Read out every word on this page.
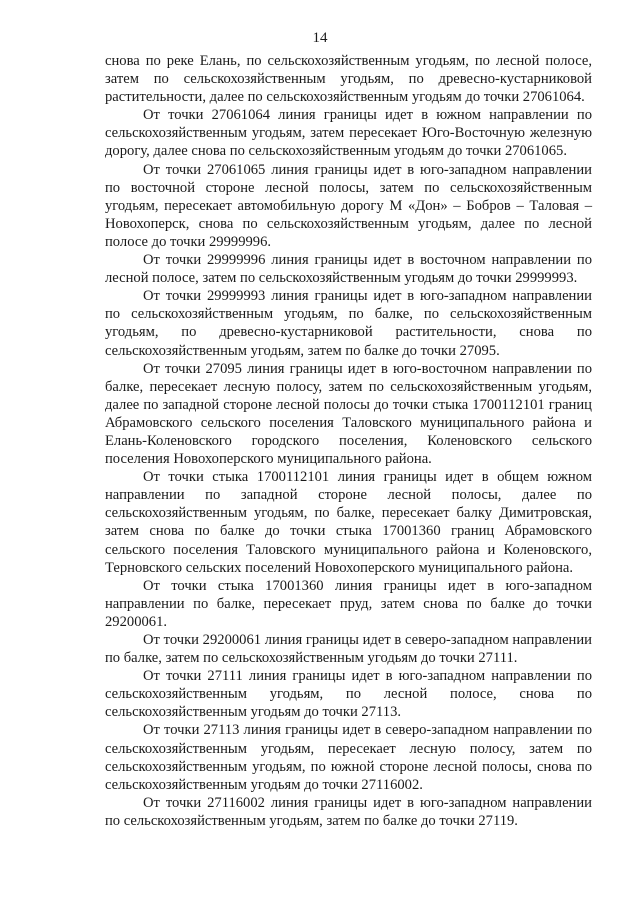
14

снова по реке Елань, по сельскохозяйственным угодьям, по лесной полосе, затем по сельскохозяйственным угодьям, по древесно-кустарниковой растительности, далее по сельскохозяйственным угодьям до точки 27061064.

От точки 27061064 линия границы идет в южном направлении по сельскохозяйственным угодьям, затем пересекает Юго-Восточную железную дорогу, далее снова по сельскохозяйственным угодьям до точки 27061065.

От точки 27061065 линия границы идет в юго-западном направлении по восточной стороне лесной полосы, затем по сельскохозяйственным угодьям, пересекает автомобильную дорогу М «Дон» – Бобров – Таловая – Новохоперск, снова по сельскохозяйственным угодьям, далее по лесной полосе до точки 29999996.

От точки 29999996 линия границы идет в восточном направлении по лесной полосе, затем по сельскохозяйственным угодьям до точки 29999993.

От точки 29999993 линия границы идет в юго-западном направлении по сельскохозяйственным угодьям, по балке, по сельскохозяйственным угодьям, по древесно-кустарниковой растительности, снова по сельскохозяйственным угодьям, затем по балке до точки 27095.

От точки 27095 линия границы идет в юго-восточном направлении по балке, пересекает лесную полосу, затем по сельскохозяйственным угодьям, далее по западной стороне лесной полосы до точки стыка 1700112101 границ Абрамовского сельского поселения Таловского муниципального района и Елань-Коленовского городского поселения, Коленовского сельского поселения Новохоперского муниципального района.

От точки стыка 1700112101 линия границы идет в общем южном направлении по западной стороне лесной полосы, далее по сельскохозяйственным угодьям, по балке, пересекает балку Димитровская, затем снова по балке до точки стыка 17001360 границ Абрамовского сельского поселения Таловского муниципального района и Коленовского, Терновского сельских поселений Новохоперского муниципального района.

От точки стыка 17001360 линия границы идет в юго-западном направлении по балке, пересекает пруд, затем снова по балке до точки 29200061.

От точки 29200061 линия границы идет в северо-западном направлении по балке, затем по сельскохозяйственным угодьям до точки 27111.

От точки 27111 линия границы идет в юго-западном направлении по сельскохозяйственным угодьям, по лесной полосе, снова по сельскохозяйственным угодьям до точки 27113.

От точки 27113 линия границы идет в северо-западном направлении по сельскохозяйственным угодьям, пересекает лесную полосу, затем по сельскохозяйственным угодьям, по южной стороне лесной полосы, снова по сельскохозяйственным угодьям до точки 27116002.

От точки 27116002 линия границы идет в юго-западном направлении по сельскохозяйственным угодьям, затем по балке до точки 27119.
